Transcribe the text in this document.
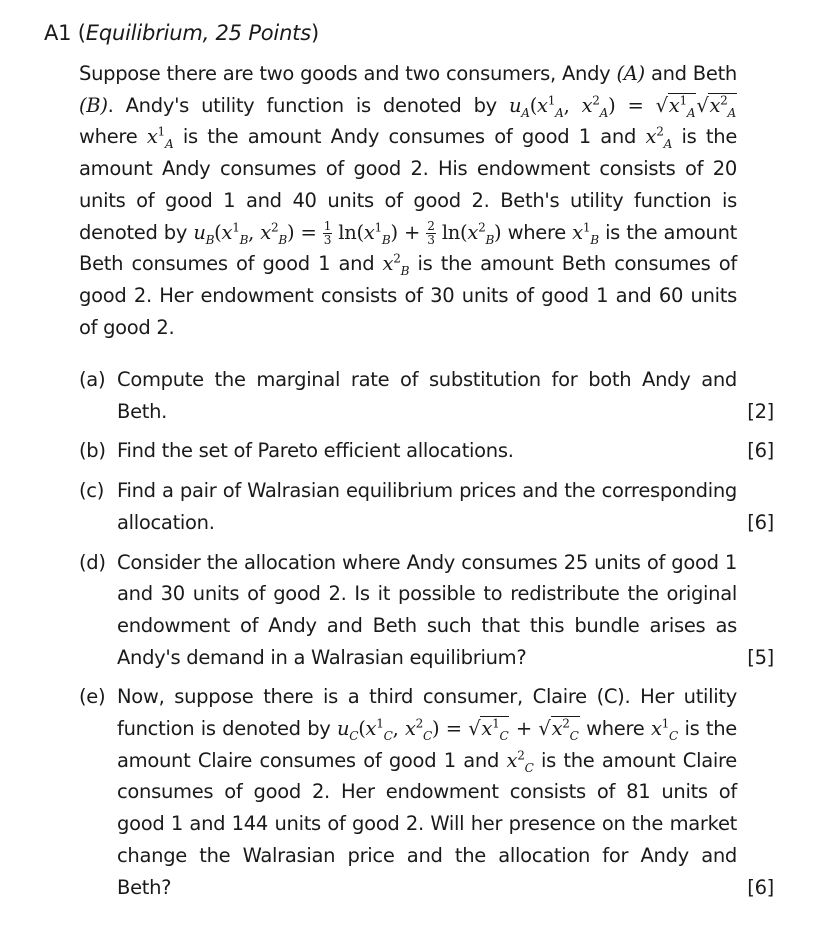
A1 (Equilibrium, 25 Points)

Suppose there are two goods and two consumers, Andy (A) and Beth (B). Andy's utility function is denoted by $u_A(x^1_A$, $x^2_A) = √x^1_A√x^2_A$ where $x^1_A$ is the amount Andy consumes of good 1 and $x^2_A$ is the amount Andy consumes of good 2. His endowment consists of 20 units of good 1 and 40 units of good 2. Beth's utility function is denoted by $u_B(x^1_B$, $x^2_B) = \frac{1}{3} \ln(x^1_B) + \frac{2}{3} \ln(x^2_B)$ where $x^1_B$ is the amount Beth consumes of good 1 and $x^2_B$ is the amount Beth consumes of good 2. Her endowment consists of 30 units of good 1 and 60 units of good 2.

(a) Compute the marginal rate of substitution for both Andy and Beth.	[2]
(b) Find the set of Pareto efficient allocations.	[6]
(c) Find a pair of Walrasian equilibrium prices and the corresponding allocation.	[6]
(d) Consider the allocation where Andy consumes 25 units of good 1 and 30 units of good 2. Is it possible to redistribute the original endowment of Andy and Beth such that this bundle arises as Andy's demand in a Walrasian equilibrium?	[5]
(e) Now, suppose there is a third consumer, Claire (C). Her utility function is denoted by $u_C(x^1_C$, $x^2_C) = √x^1_C + √x^2_C$ where $x^1_C$ is the amount Claire consumes of good 1 and $x^2_C$ is the amount Claire consumes of good 2. Her endowment consists of 81 units of good 1 and 144 units of good 2. Will her presence on the market change the Walrasian price and the allocation for Andy and Beth?	[6]
